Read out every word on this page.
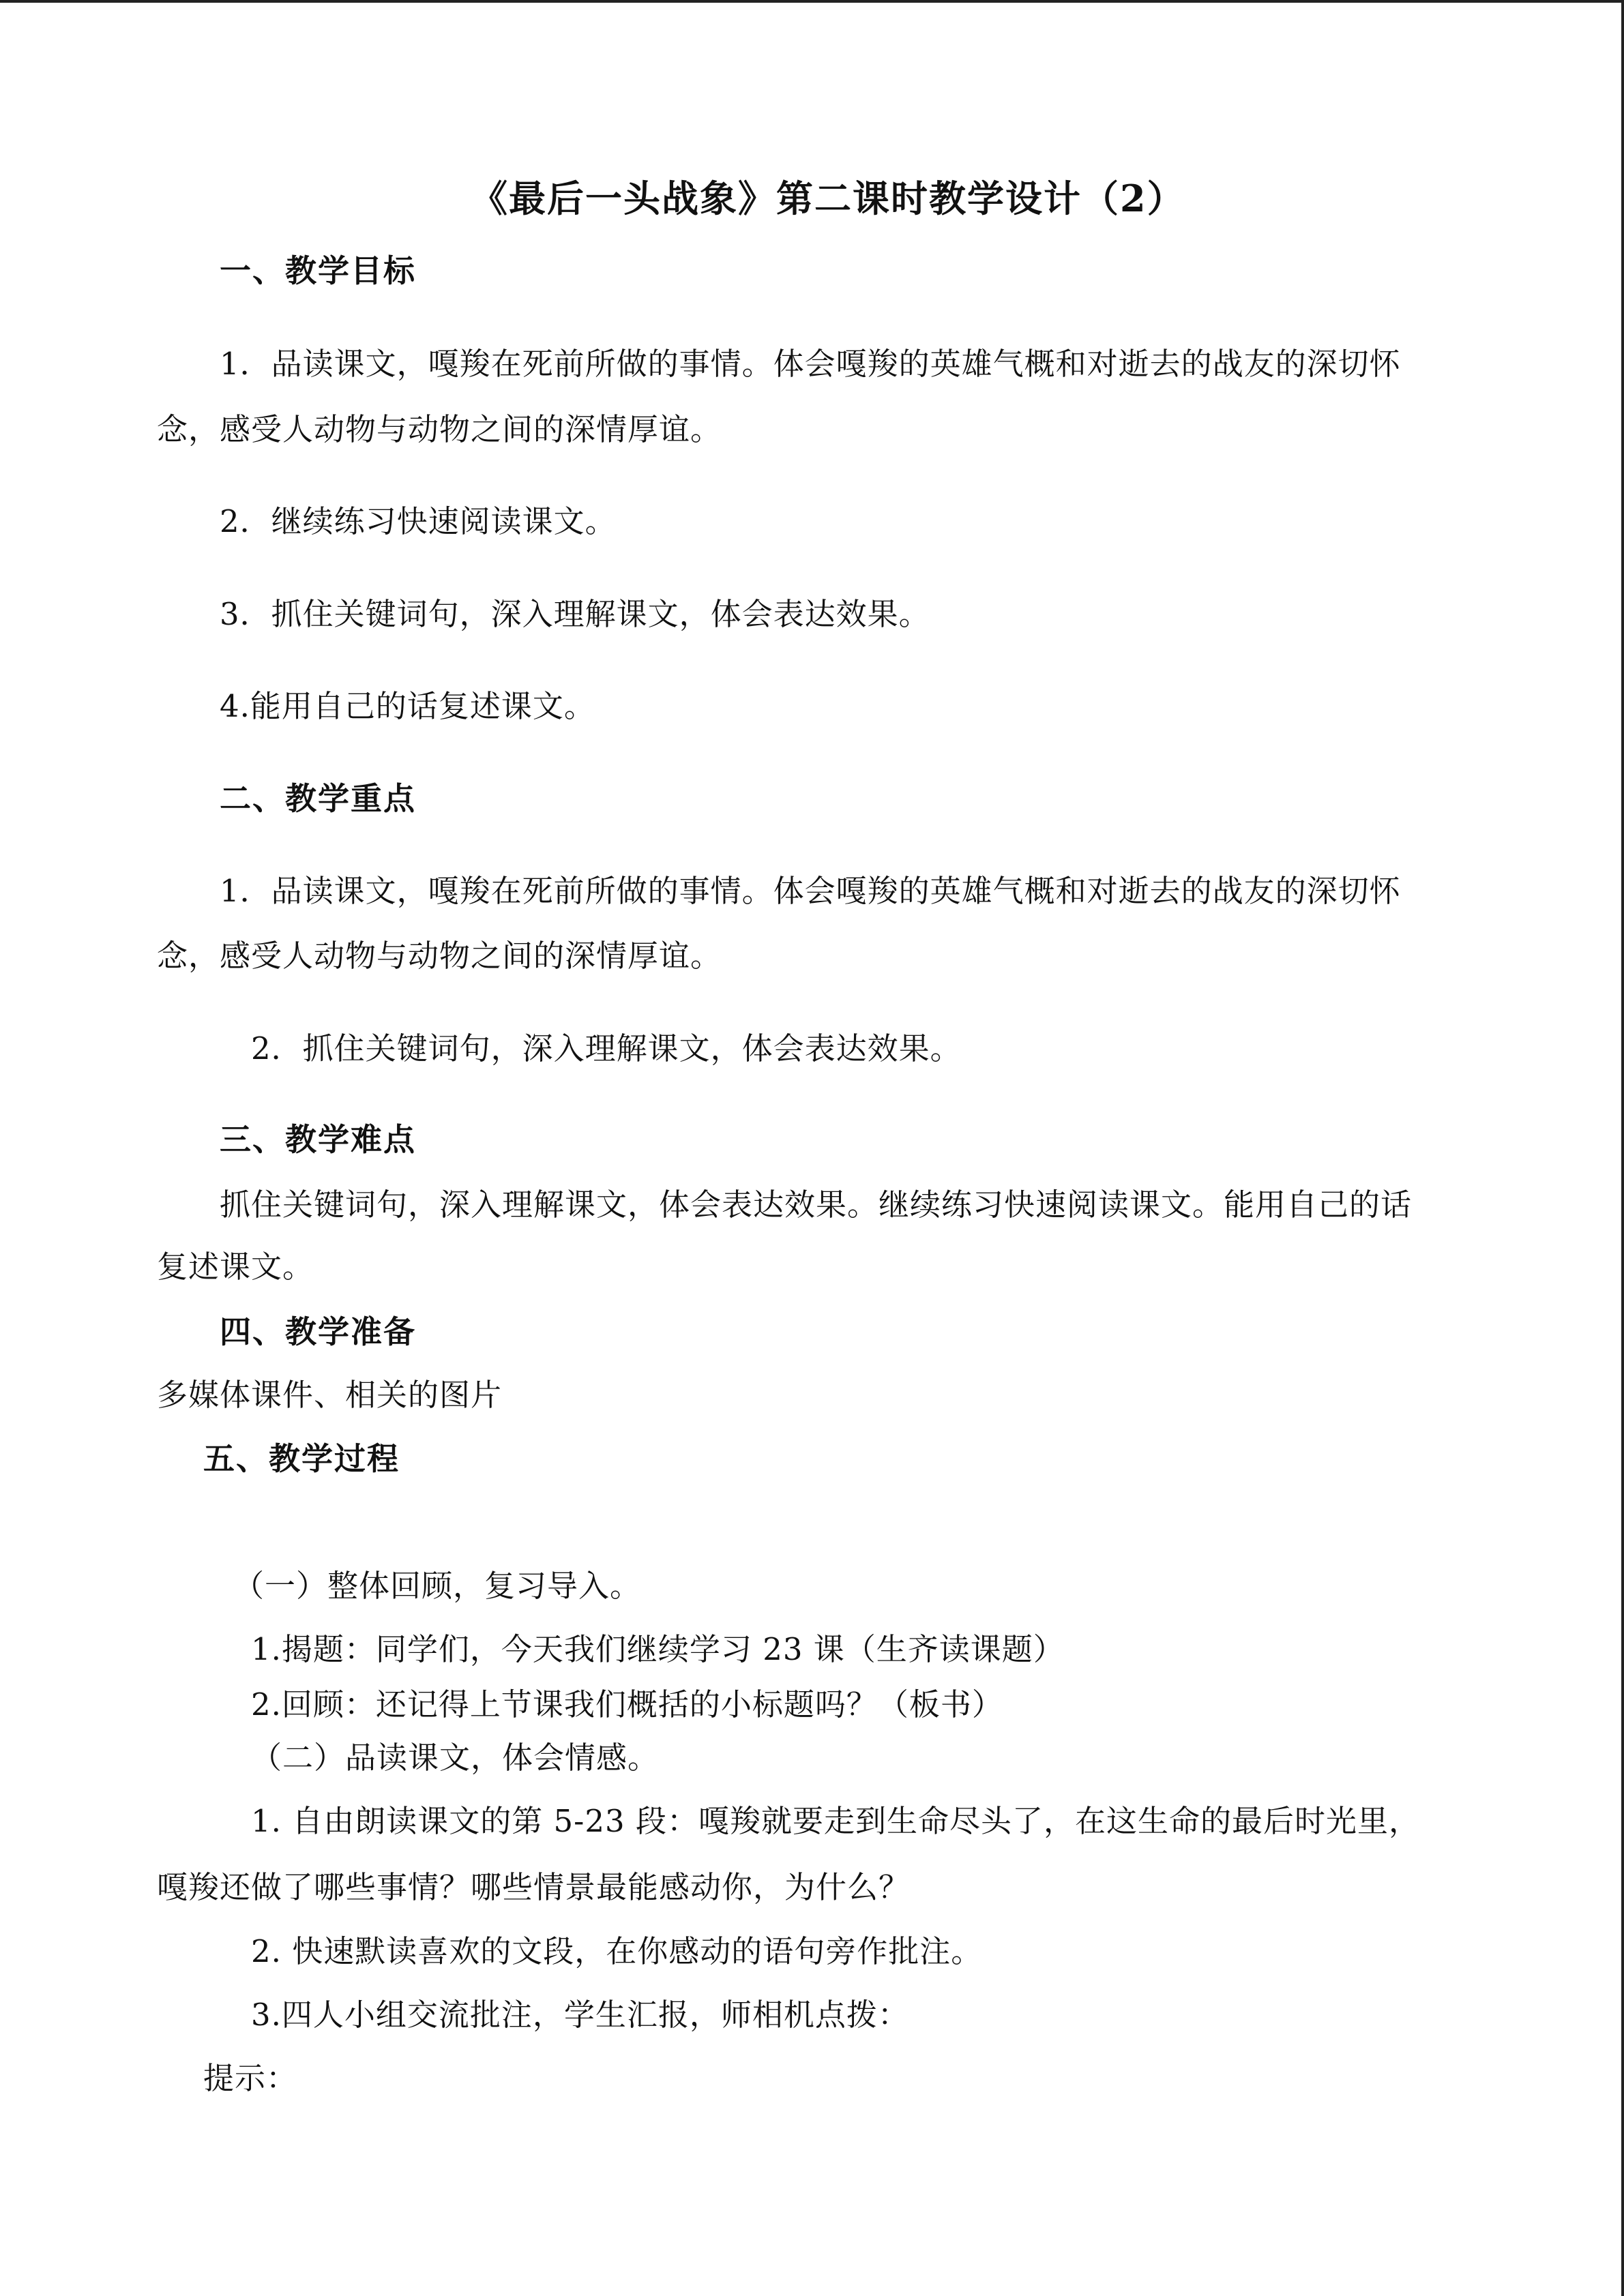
《最后一头战象》第二课时教学设计（2）
一、教学目标
1．品读课文，嘎羧在死前所做的事情。体会嘎羧的英雄气概和对逝去的战友的深切怀
念，感受人动物与动物之间的深情厚谊。
2．继续练习快速阅读课文。
3．抓住关键词句，深入理解课文，体会表达效果。
4.能用自己的话复述课文。
二、教学重点
1．品读课文，嘎羧在死前所做的事情。体会嘎羧的英雄气概和对逝去的战友的深切怀
念，感受人动物与动物之间的深情厚谊。
2．抓住关键词句，深入理解课文，体会表达效果。
三、教学难点
抓住关键词句，深入理解课文，体会表达效果。继续练习快速阅读课文。能用自己的话
复述课文。
四、教学准备
多媒体课件、相关的图片
五、教学过程
（一）整体回顾，复习导入。
1.揭题：同学们，今天我们继续学习 23 课（生齐读课题）
2.回顾：还记得上节课我们概括的小标题吗？（板书）
（二）品读课文，体会情感。
1. 自由朗读课文的第 5-23 段：嘎羧就要走到生命尽头了，在这生命的最后时光里，
嘎羧还做了哪些事情？哪些情景最能感动你，为什么？
2. 快速默读喜欢的文段，在你感动的语句旁作批注。
3.四人小组交流批注，学生汇报，师相机点拨：
提示：
